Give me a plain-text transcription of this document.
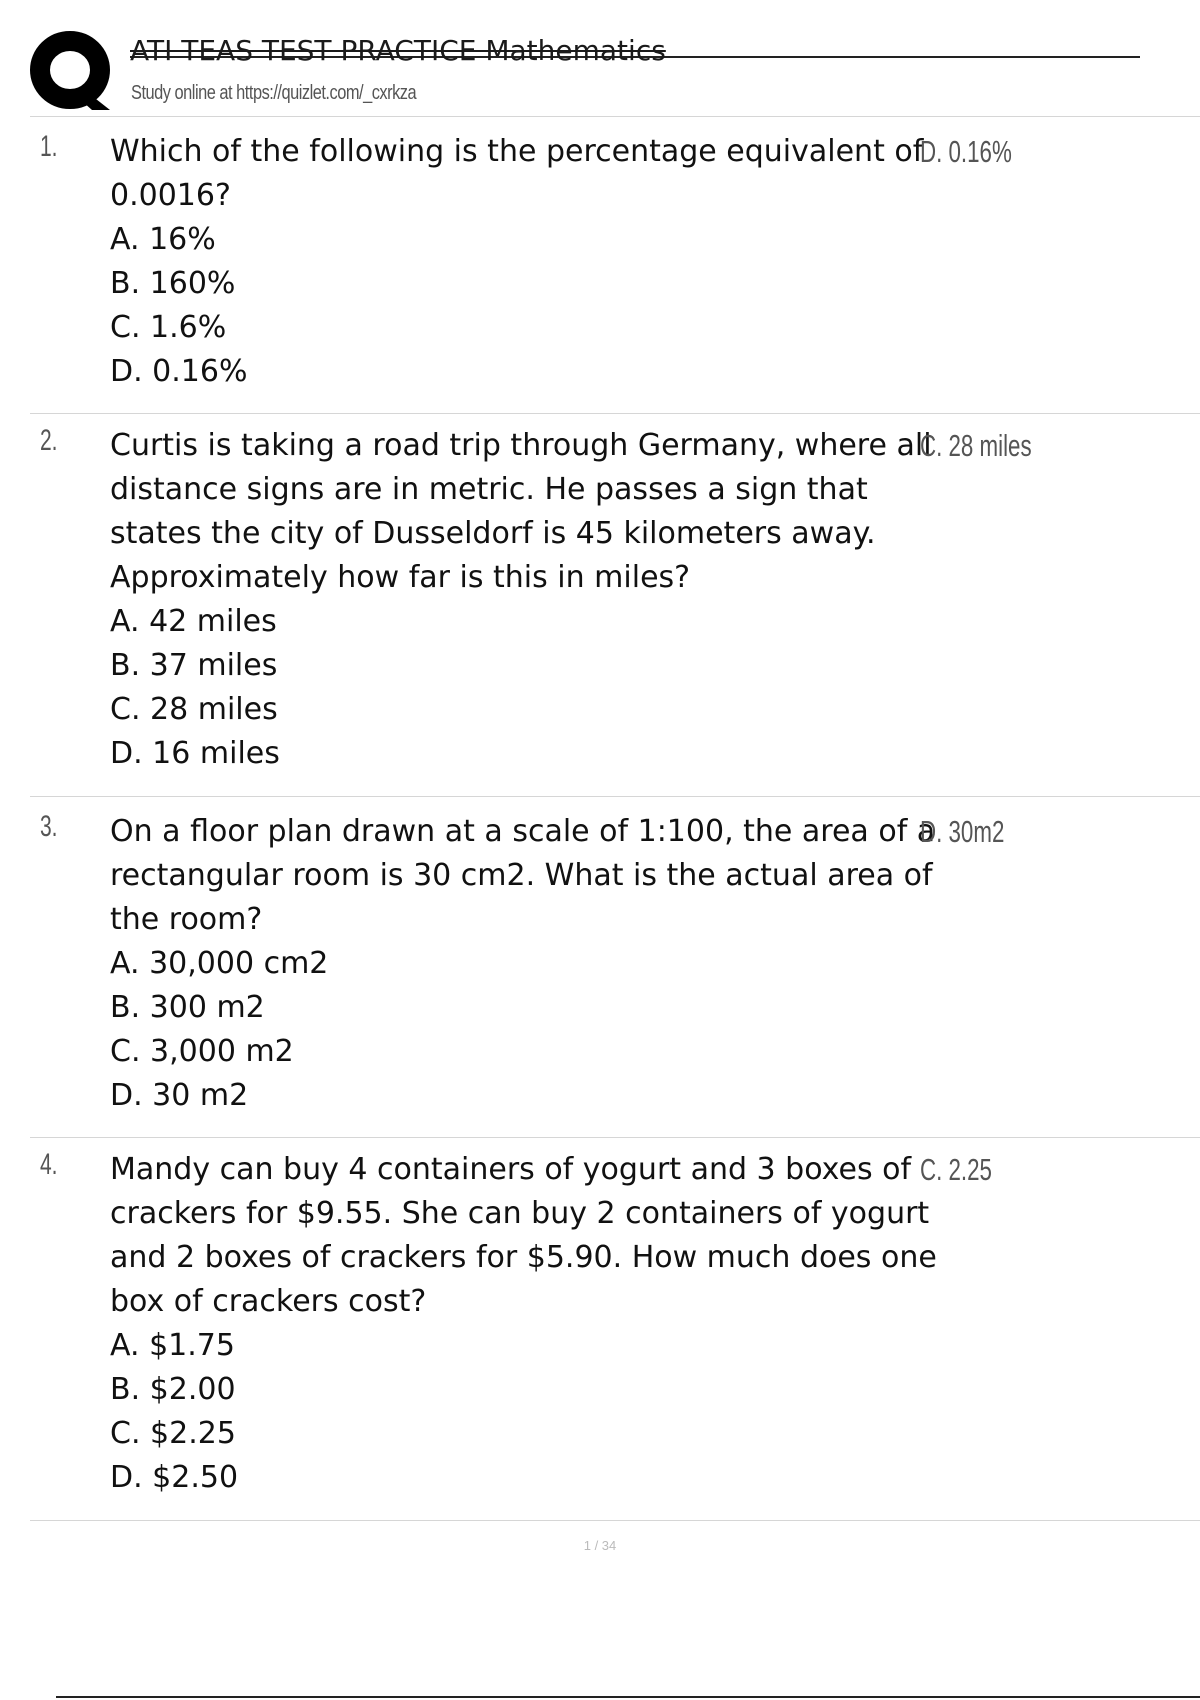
ATI TEAS TEST PRACTICE Mathematics
Study online at https://quizlet.com/_cxrkza
1. Which of the following is the percentage equivalent of 0.0016?
A. 16%
B. 160%
C. 1.6%
D. 0.16%
D. 0.16%
2. Curtis is taking a road trip through Germany, where all distance signs are in metric. He passes a sign that states the city of Dusseldorf is 45 kilometers away. Approximately how far is this in miles?
A. 42 miles
B. 37 miles
C. 28 miles
D. 16 miles
C. 28 miles
3. On a floor plan drawn at a scale of 1:100, the area of a rectangular room is 30 cm2. What is the actual area of the room?
A. 30,000 cm2
B. 300 m2
C. 3,000 m2
D. 30 m2
D. 30m2
4. Mandy can buy 4 containers of yogurt and 3 boxes of crackers for $9.55. She can buy 2 containers of yogurt and 2 boxes of crackers for $5.90. How much does one box of crackers cost?
A. $1.75
B. $2.00
C. $2.25
D. $2.50
C. 2.25
1 / 34
